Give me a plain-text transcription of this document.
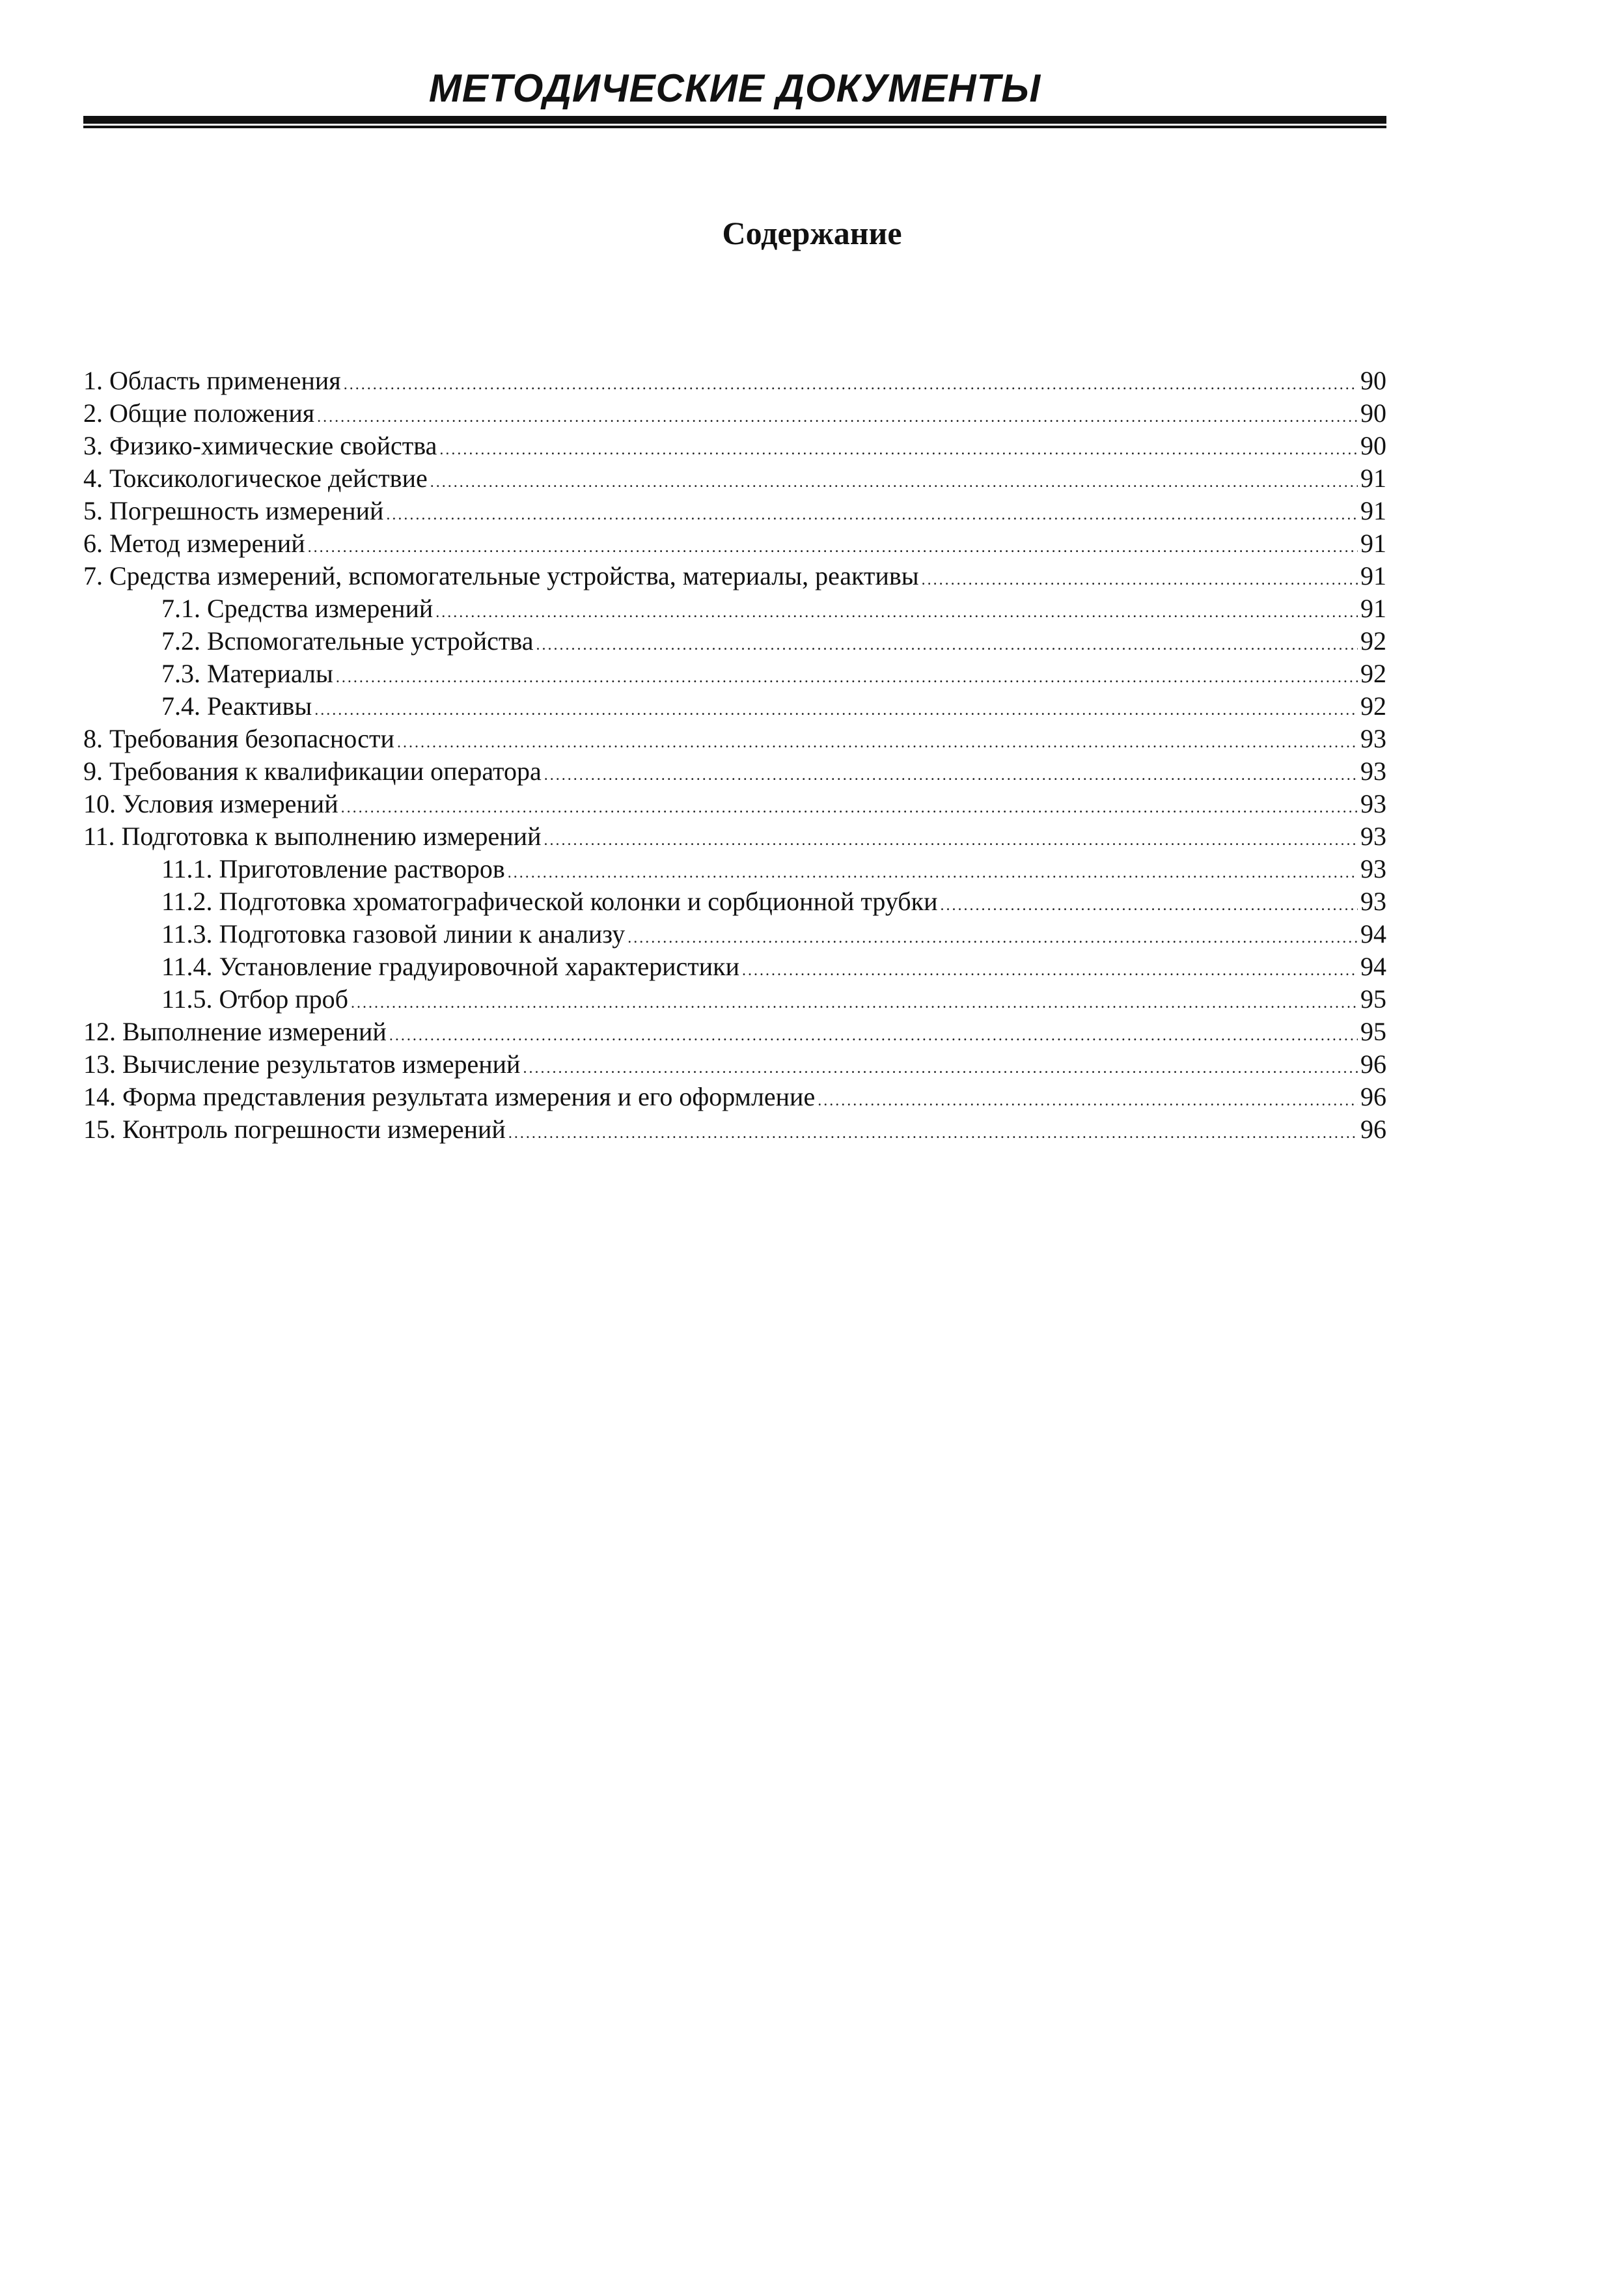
МЕТОДИЧЕСКИЕ ДОКУМЕНТЫ
Содержание
1. Область применения .....	90
2. Общие положения .....	90
3. Физико-химические свойства .....	90
4. Токсикологическое действие .....	91
5. Погрешность измерений .....	91
6. Метод измерений .....	91
7. Средства измерений, вспомогательные устройства, материалы, реактивы .....	91
7.1. Средства измерений .....	91
7.2. Вспомогательные устройства .....	92
7.3. Материалы .....	92
7.4. Реактивы .....	92
8. Требования безопасности .....	93
9. Требования к квалификации оператора .....	93
10. Условия измерений .....	93
11. Подготовка к выполнению измерений .....	93
11.1. Приготовление растворов .....	93
11.2. Подготовка хроматографической колонки и сорбционной трубки .....	93
11.3. Подготовка газовой линии к анализу .....	94
11.4. Установление градуировочной характеристики .....	94
11.5. Отбор проб .....	95
12. Выполнение измерений .....	95
13. Вычисление результатов измерений .....	96
14. Форма представления результата измерения и его оформление .....	96
15. Контроль погрешности измерений .....	96
